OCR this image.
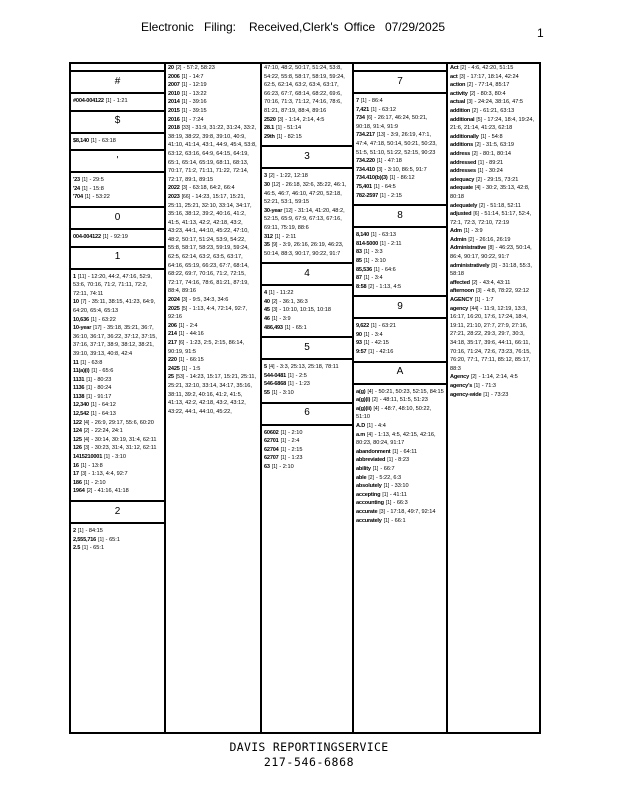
Electronic Filing: Received,Clerk's Office 07/29/2025	1
#
#004-004122 [1] - 1:21
$
$8,140 [1] - 63:18
'
'23 [1] - 29:5
'24 [1] - 15:8
'704 [1] - 53:22
0
004-004122 [1] - 92:19
1
1 [11] - 12:20, 44:2, 47:16, 52:9, 53:6, 70:16, 71:2, 71:11, 72:2, 72:11, 74:11
10 [7] - 35:11, 38:15, 41:23, 64:9, 64:20, 65:4, 65:13
10,636 [1] - 63:22
10-year [17] - 35:18, 35:21, 36:7, 36:10, 36:17, 36:22, 37:12, 37:15, 37:16, 37:17, 38:9, 38:12, 38:21, 39:10, 39:13, 40:8, 42:4
11 [1] - 63:8
11(a)(i) [1] - 65:6
1131 [1] - 80:23
1136 [1] - 80:24
1138 [1] - 91:17
12,340 [1] - 64:12
12,542 [1] - 64:13
122 [4] - 26:9, 29:17, 55:6, 60:20
124 [2] - 22:24, 24:1
125 [4] - 30:14, 30:19, 31:4, 62:11
126 [3] - 30:23, 31:4, 31:12, 62:11
1415210001 [1] - 3:10
16 [1] - 13:8
17 [3] - 1:13, 4:4, 92:7
186 [1] - 2:10
1964 [2] - 41:16, 41:18
2
2 [1] - 84:15
2,555,716 [1] - 65:1
2.5 [1] - 65:1
20 [2] - 57:2, 58:23
2006 [1] - 14:7
2007 [1] - 12:19
2010 [1] - 13:22
2014 [1] - 39:16
2015 [1] - 39:15
2016 [1] - 7:24
2018 [33] - 31:9, 31:22, 31:24, 33:2, 38:19, 38:22, 39:8, 39:10, 40:9, 41:10, 41:14, 43:1, 44:9, 45:4, 53:8, 63:12, 63:16, 64:9, 64:15, 64:19, 65:1, 65:14, 65:19, 68:11, 68:13, 70:17, 71:2, 71:11, 71:22, 72:14, 72:17, 89:1, 89:15
2022 [3] - 63:18, 64:2, 66:4
2023 [66] - 14:23, 15:17, 15:21, 25:11, 25:21, 32:10, 33:14, 34:17, 35:16, 38:12, 39:2, 40:16, 41:2, 41:5, 41:13, 42:2, 42:18, 43:2, 43:23, 44:1, 44:10, 45:22, 47:10, 48:2, 50:17, 51:24, 53:9, 54:22, 55:8, 58:17, 58:23, 59:19, 59:24, 62:5, 62:14, 63:2, 63:5, 63:17, 64:16, 65:19, 66:23, 67:7, 68:14, 68:22, 69:7, 70:16, 71:2, 72:15, 72:17, 74:16, 78:6, 81:21, 87:19, 88:4, 89:16
2024 [3] - 9:5, 34:3, 34:6
2025 [5] - 1:13, 4:4, 72:14, 92:7, 92:16
206 [1] - 2:4
214 [1] - 44:16
217 [6] - 1:23, 2:5, 2:15, 86:14, 90:19, 91:5
220 [1] - 66:15
2425 [1] - 1:5
25 [53] - 14:23, 15:17, 15:21, 25:11, 25:21, 32:10, 33:14, 34:17, 35:16, 38:11, 39:2, 40:16, 41:2, 41:5, 41:13, 42:2, 42:18, 43:2, 43:12, 43:22, 44:1, 44:10, 45:22,
47:10, 48:2, 50:17, 51:24, 53:8, 54:22, 55:8, 58:17, 58:19, 59:24, 62:5, 62:14, 63:2, 63:4, 63:17, 66:23, 67:7, 68:14, 68:22, 69:6, 70:16, 71:3, 71:12, 74:16, 78:6, 81:21, 87:19, 88:4, 89:16
2520 [3] - 1:14, 2:14, 4:5
28.1 [1] - 51:14
29th [1] - 82:15
3
3 [2] - 1:22, 12:18
30 [12] - 26:18, 32:6, 35:22, 46:1, 46:5, 46:7, 46:10, 47:20, 52:18, 52:21, 53:1, 59:15
30-year [12] - 31:14, 41:20, 48:2, 52:15, 65:9, 67:9, 67:13, 67:16, 69:11, 75:19, 88:6
312 [1] - 2:11
35 [9] - 3:9, 26:16, 26:19, 46:23, 50:14, 88:3, 90:17, 90:22, 91:7
4
4 [1] - 11:22
40 [2] - 36:1, 36:3
45 [3] - 10:10, 10:15, 10:18
46 [1] - 3:9
486,493 [1] - 65:1
5
5 [4] - 3:3, 25:13, 25:18, 78:11
544-0481 [1] - 2:5
546-6868 [1] - 1:23
55 [1] - 3:10
6
60602 [1] - 2:10
62701 [1] - 2:4
62704 [1] - 2:15
62707 [1] - 1:23
63 [1] - 2:10
7
7 [1] - 86:4
7,421 [1] - 63:12
734 [6] - 26:17, 46:24, 50:21, 90:18, 91:4, 91:9
734.217 [13] - 3:9, 26:19, 47:1, 47:4, 47:18, 50:14, 50:21, 50:23, 51:5, 51:10, 51:22, 52:15, 90:23
734.220 [1] - 47:18
734.410 [3] - 3:10, 86:5, 91:7
734.410(b)(3) [1] - 86:12
75,401 [1] - 64:5
782-2597 [1] - 2:15
8
8,140 [1] - 63:13
814-5000 [1] - 2:11
83 [1] - 3:3
85 [1] - 3:10
85,536 [1] - 64:6
87 [1] - 3:4
8:58 [2] - 1:13, 4:5
9
9,622 [1] - 63:21
90 [1] - 3:4
93 [1] - 42:15
9:57 [1] - 42:16
A
a(g) [4] - 50:21, 50:23, 52:15, 84:15
a(g)(i) [2] - 48:11, 51:5, 51:23
a(g)(ii) [4] - 48:7, 48:10, 50:22, 51:10
A.D [1] - 4:4
a.m [4] - 1:13, 4:5, 42:15, 42:16, 80:23, 80:24, 91:17
abandonment [1] - 64:11
abbreviated [1] - 8:23
ability [1] - 66:7
able [2] - 5:22, 6:3
absolutely [1] - 33:10
accepting [1] - 41:11
accounting [1] - 66:3
accurate [3] - 17:18, 49:7, 92:14
accurately [1] - 66:1
Act [2] - 4:6, 42:20, 51:15
act [3] - 17:17, 18:14, 42:24
action [2] - 77:14, 85:17
activity [2] - 80:3, 80:4
actual [3] - 24:24, 38:16, 47:5
addition [2] - 61:21, 63:13
additional [5] - 17:24, 18:4, 19:24, 21:6, 21:14, 41:23, 62:18
additionally [1] - 54:8
additions [2] - 31:5, 63:19
address [2] - 80:1, 80:14
addressed [1] - 89:21
addresses [1] - 30:24
adequacy [2] - 29:15, 73:21
adequate [4] - 30:2, 35:13, 42:8, 80:18
adequately [2] - 51:18, 52:11
adjusted [6] - 51:14, 51:17, 52:4, 72:1, 72:3, 72:10, 72:19
Adm [1] - 3:9
Admin [2] - 26:16, 26:19
Administrative [8] - 46:23, 50:14, 86:4, 90:17, 90:22, 91:7
administratively [3] - 31:18, 55:3, 58:18
affected [2] - 43:4, 43:11
afternoon [3] - 4:8, 78:22, 92:12
AGENCY [1] - 1:7
agency [44] - 11:9, 12:19, 13:3, 16:17, 16:20, 17:6, 17:24, 18:4, 19:11, 21:10, 27:7, 27:9, 27:16, 27:21, 28:22, 29:3, 29:7, 30:3, 34:18, 35:17, 39:6, 44:11, 66:11, 70:16, 71:24, 72:6, 73:23, 76:15, 76:20, 77:1, 77:11, 85:12, 85:17, 88:3
Agency [2] - 1:14, 2:14, 4:5
agency's [1] - 71:3
agency-wide [1] - 73:23
DAVIS REPORTINGSERVICE
217-546-6868
